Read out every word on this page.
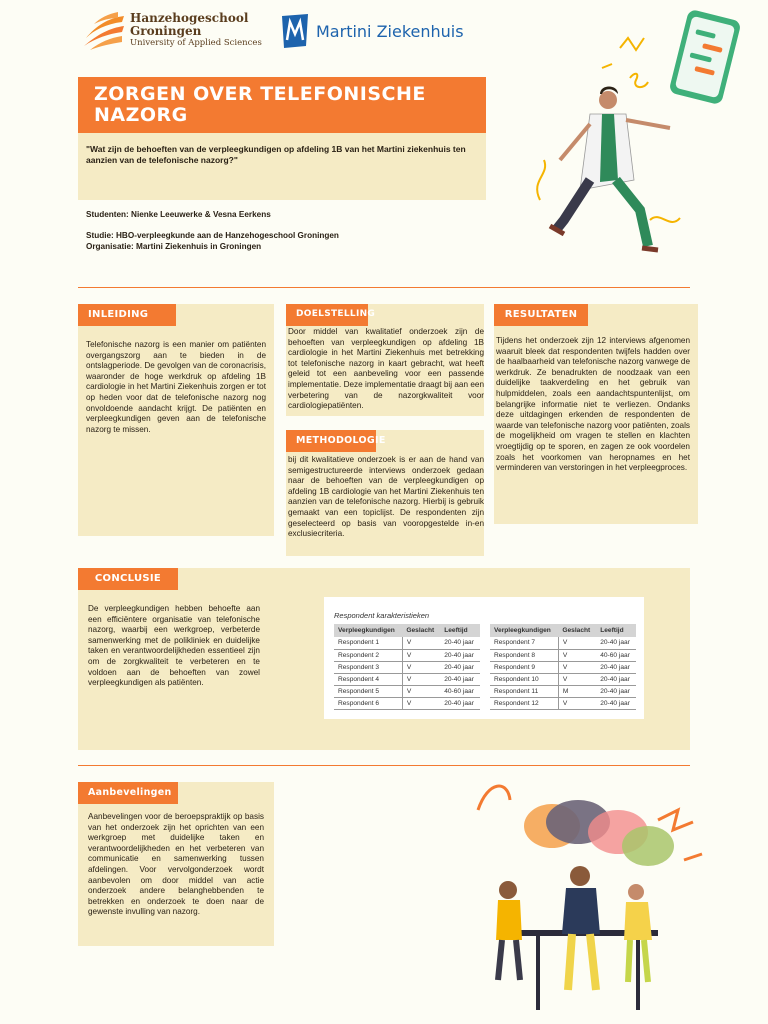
Hanzehogeschool
Groningen
University of Applied Sciences
Martini Ziekenhuis
ZORGEN OVER TELEFONISCHE NAZORG
"Wat zijn de behoeften van de verpleegkundigen op afdeling 1B van het Martini ziekenhuis ten aanzien van de telefonische nazorg?"
Studenten: Nienke Leeuwerke & Vesna Eerkens
Studie: HBO-verpleegkunde aan de Hanzehogeschool Groningen
Organisatie: Martini Ziekenhuis in Groningen
INLEIDING
Telefonische nazorg is een manier om patiënten overgangszorg aan te bieden in de ontslagperiode. De gevolgen van de coronacrisis, waaronder de hoge werkdruk op afdeling 1B cardiologie in het Martini Ziekenhuis zorgen er tot op heden voor dat de telefonische nazorg nog onvoldoende aandacht krijgt. De patiënten en verpleegkundigen geven aan de telefonische nazorg te missen.
DOELSTELLING
Door middel van kwalitatief onderzoek zijn de behoeften van verpleegkundigen op afdeling 1B cardiologie in het Martini Ziekenhuis met betrekking tot telefonische nazorg in kaart gebracht, wat heeft geleid tot een aanbeveling voor een passende implementatie. Deze implementatie draagt bij aan een verbetering van de nazorgkwaliteit voor cardiologiepatiënten.
METHODOLOGIE
bij dit kwalitatieve onderzoek is er aan de hand van semigestructureerde interviews onderzoek gedaan naar de behoeften van de verpleegkundigen op afdeling 1B cardiologie van het Martini Ziekenhuis ten aanzien van de telefonische nazorg. Hierbij is gebruik gemaakt van een topiclijst. De respondenten zijn geselecteerd op basis van vooropgestelde in-en exclusiecriteria.
RESULTATEN
Tijdens het onderzoek zijn 12 interviews afgenomen waaruit bleek dat respondenten twijfels hadden over de haalbaarheid van telefonische nazorg vanwege de werkdruk. Ze benadrukten de noodzaak van een duidelijke taakverdeling en het gebruik van hulpmiddelen, zoals een aandachtspuntenlijst, om belangrijke informatie niet te verliezen. Ondanks deze uitdagingen erkenden de respondenten de waarde van telefonische nazorg voor patiënten, zoals de mogelijkheid om vragen te stellen en klachten vroegtijdig op te sporen, en zagen ze ook voordelen zoals het voorkomen van heropnames en het verminderen van verstoringen in het verpleegproces.
CONCLUSIE
De verpleegkundigen hebben behoefte aan een efficiëntere organisatie van telefonische nazorg, waarbij een werkgroep, verbeterde samenwerking met de polikliniek en duidelijke taken en verantwoordelijkheden essentieel zijn om de zorgkwaliteit te verbeteren en te voldoen aan de behoeften van zowel verpleegkundigen als patiënten.
Respondent karakteristieken
Verpleegkundigen	Geslacht	Leeftijd
Respondent 1	V	20-40 jaar
Respondent 2	V	20-40 jaar
Respondent 3	V	20-40 jaar
Respondent 4	V	20-40 jaar
Respondent 5	V	40-60 jaar
Respondent 6	V	20-40 jaar
Verpleegkundigen	Geslacht	Leeftijd
Respondent 7	V	20-40 jaar
Respondent 8	V	40-60 jaar
Respondent 9	V	20-40 jaar
Respondent 10	V	20-40 jaar
Respondent 11	M	20-40 jaar
Respondent 12	V	20-40 jaar
Aanbevelingen
Aanbevelingen voor de beroepspraktijk op basis van het onderzoek zijn het oprichten van een werkgroep met duidelijke taken en verantwoordelijkheden en het verbeteren van communicatie en samenwerking tussen afdelingen. Voor vervolgonderzoek wordt aanbevolen om door middel van actie onderzoek andere belanghebbenden te betrekken en onderzoek te doen naar de gewenste invulling van nazorg.
